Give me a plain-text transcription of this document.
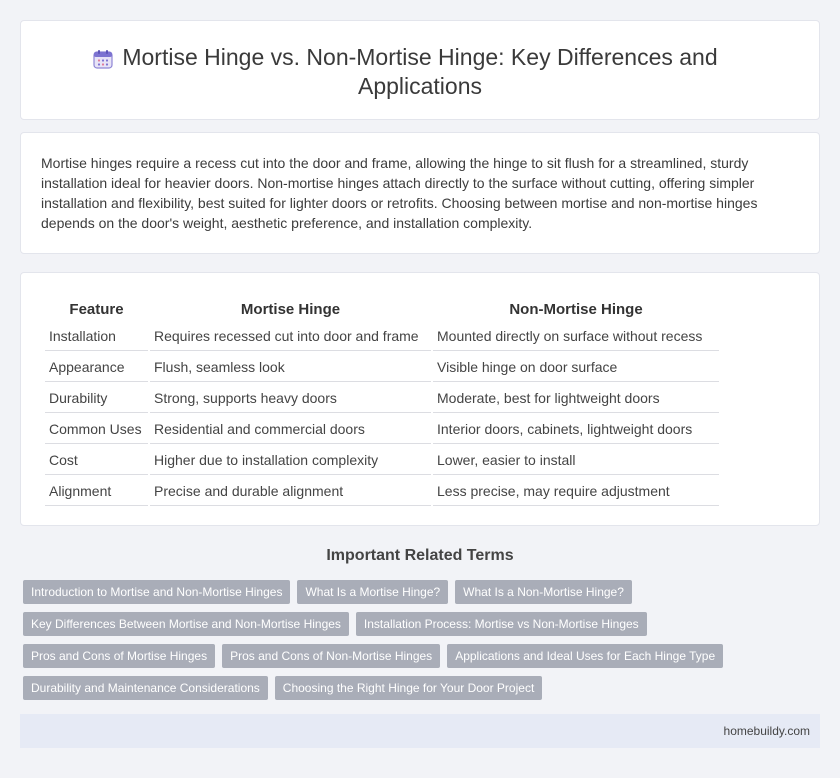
Mortise Hinge vs. Non-Mortise Hinge: Key Differences and Applications

Mortise hinges require a recess cut into the door and frame, allowing the hinge to sit flush for a streamlined, sturdy installation ideal for heavier doors. Non-mortise hinges attach directly to the surface without cutting, offering simpler installation and flexibility, best suited for lighter doors or retrofits. Choosing between mortise and non-mortise hinges depends on the door's weight, aesthetic preference, and installation complexity.

Feature	Mortise Hinge	Non-Mortise Hinge
Installation	Requires recessed cut into door and frame	Mounted directly on surface without recess
Appearance	Flush, seamless look	Visible hinge on door surface
Durability	Strong, supports heavy doors	Moderate, best for lightweight doors
Common Uses	Residential and commercial doors	Interior doors, cabinets, lightweight doors
Cost	Higher due to installation complexity	Lower, easier to install
Alignment	Precise and durable alignment	Less precise, may require adjustment
Important Related Terms
Introduction to Mortise and Non-Mortise Hinges	What Is a Mortise Hinge?	What Is a Non-Mortise Hinge?
Key Differences Between Mortise and Non-Mortise Hinges	Installation Process: Mortise vs Non-Mortise Hinges
Pros and Cons of Mortise Hinges	Pros and Cons of Non-Mortise Hinges	Applications and Ideal Uses for Each Hinge Type
Durability and Maintenance Considerations	Choosing the Right Hinge for Your Door Project
homebuildy.com
